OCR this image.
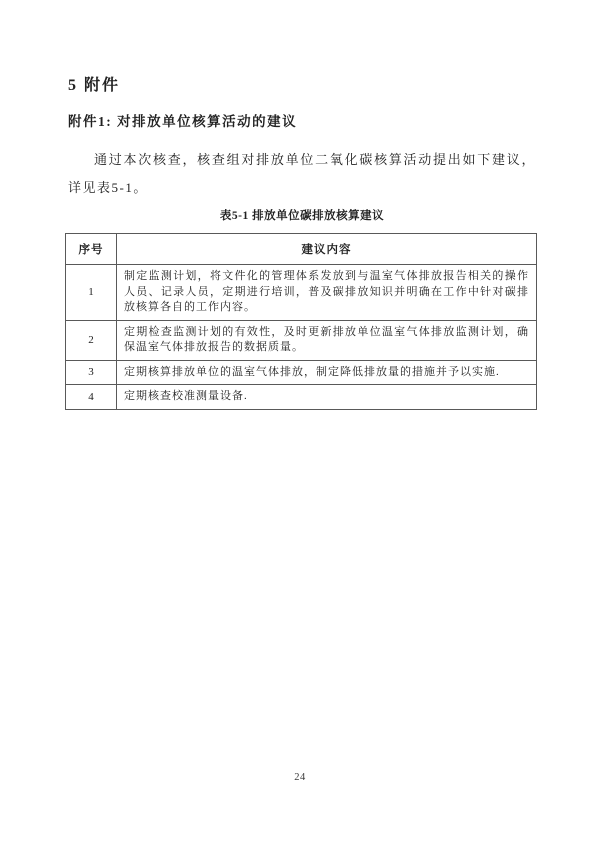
5 附件
附件1: 对排放单位核算活动的建议
通过本次核查，核查组对排放单位二氧化碳核算活动提出如下建议，
详见表5-1。
表5-1 排放单位碳排放核算建议
序号	建议内容
1	制定监测计划，将文件化的管理体系发放到与温室气体排放报告相关的操作人员、记录人员，定期进行培训，普及碳排放知识并明确在工作中针对碳排放核算各自的工作内容。
2	定期检查监测计划的有效性，及时更新排放单位温室气体排放监测计划，确保温室气体排放报告的数据质量。
3	定期核算排放单位的温室气体排放，制定降低排放量的措施并予以实施.
4	定期核查校准测量设备.
24
